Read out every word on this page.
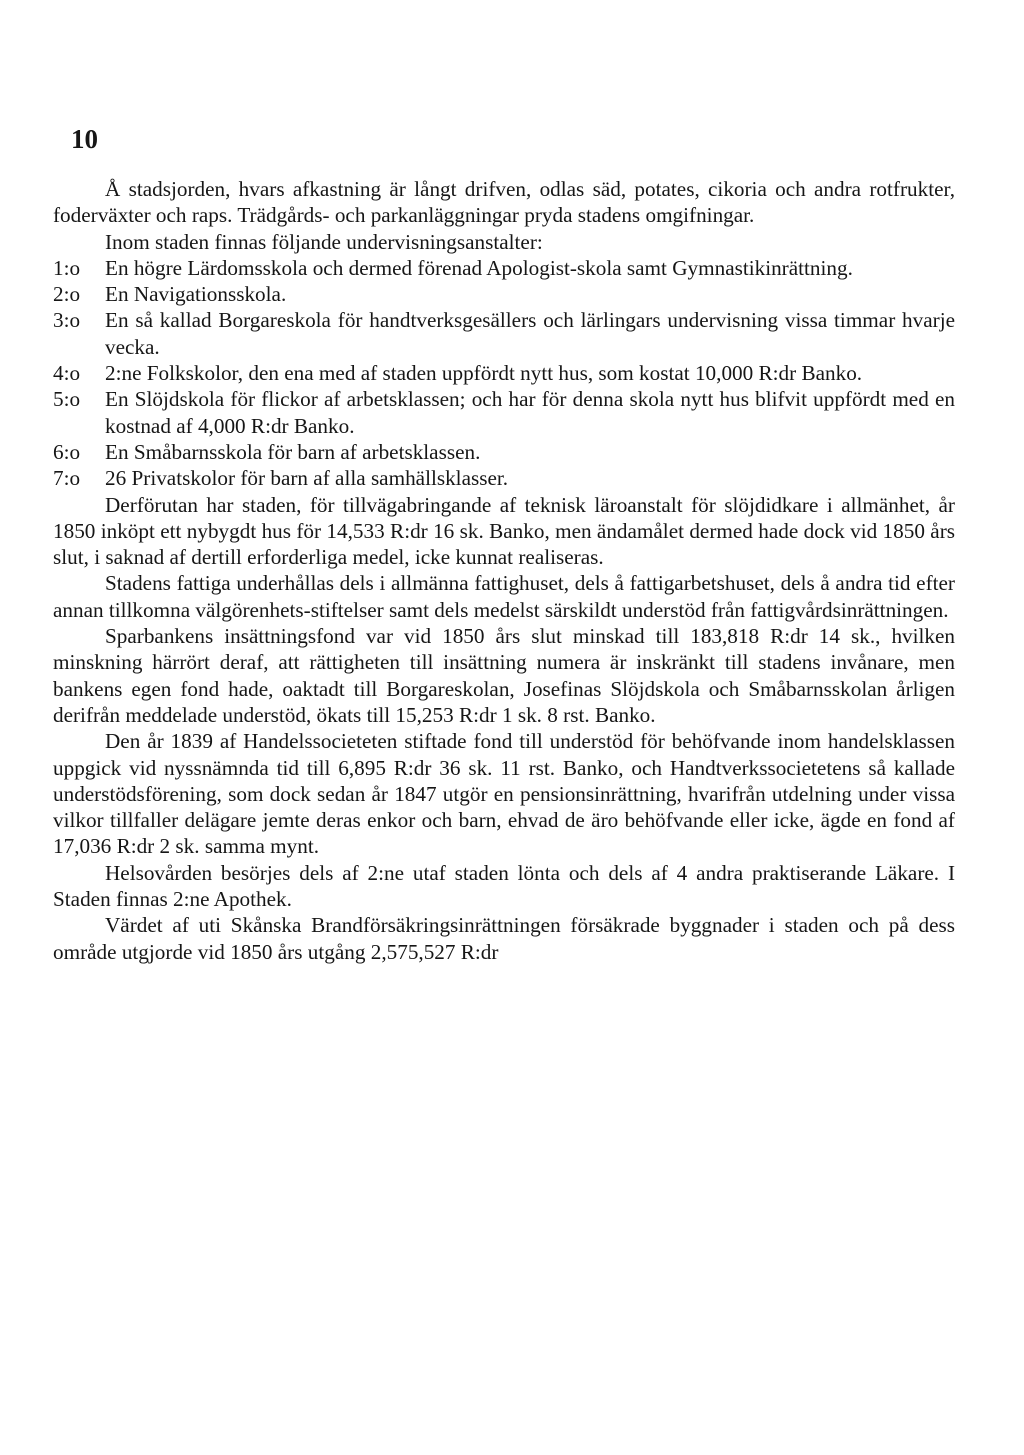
10

Å stadsjorden, hvars afkastning är långt drifven, odlas säd, potates, cikoria och andra rotfrukter, foderväxter och raps. Trädgårds- och parkanläggningar pryda stadens omgifningar.

Inom staden finnas följande undervisningsanstalter:

1:o En högre Lärdomsskola och dermed förenad Apologist-skola samt Gymnastikinrättning.

2:o En Navigationsskola.

3:o En så kallad Borgareskola för handtverksgesällers och lärlingars undervisning vissa timmar hvarje vecka.

4:o 2:ne Folkskolor, den ena med af staden uppfördt nytt hus, som kostat 10,000 R:dr Banko.

5:o En Slöjdskola för flickor af arbetsklassen; och har för denna skola nytt hus blifvit uppfördt med en kostnad af 4,000 R:dr Banko.

6:o En Småbarnsskola för barn af arbetsklassen.

7:o 26 Privatskolor för barn af alla samhällsklasser.

Derförutan har staden, för tillvägabringande af teknisk läroanstalt för slöjdidkare i allmänhet, år 1850 inköpt ett nybygdt hus för 14,533 R:dr 16 sk. Banko, men ändamålet dermed hade dock vid 1850 års slut, i saknad af dertill erforderliga medel, icke kunnat realiseras.

Stadens fattiga underhållas dels i allmänna fattighuset, dels å fattigarbetshuset, dels å andra tid efter annan tillkomna välgörenhets-stiftelser samt dels medelst särskildt understöd från fattigvårdsinrättningen.

Sparbankens insättningsfond var vid 1850 års slut minskad till 183,818 R:dr 14 sk., hvilken minskning härrört deraf, att rättigheten till insättning numera är inskränkt till stadens invånare, men bankens egen fond hade, oaktadt till Borgareskolan, Josefinas Slöjdskola och Småbarnsskolan årligen derifrån meddelade understöd, ökats till 15,253 R:dr 1 sk. 8 rst. Banko.

Den år 1839 af Handelssocieteten stiftade fond till understöd för behöfvande inom handelsklassen uppgick vid nyssnämnda tid till 6,895 R:dr 36 sk. 11 rst. Banko, och Handtverkssocietetens så kallade understödsförening, som dock sedan år 1847 utgör en pensionsinrättning, hvarifrån utdelning under vissa vilkor tillfaller delägare jemte deras enkor och barn, ehvad de äro behöfvande eller icke, ägde en fond af 17,036 R:dr 2 sk. samma mynt.

Helsovården besörjes dels af 2:ne utaf staden lönta och dels af 4 andra praktiserande Läkare. I Staden finnas 2:ne Apothek.

Värdet af uti Skånska Brandförsäkringsinrättningen försäkrade byggnader i staden och på dess område utgjorde vid 1850 års utgång 2,575,527 R:dr
